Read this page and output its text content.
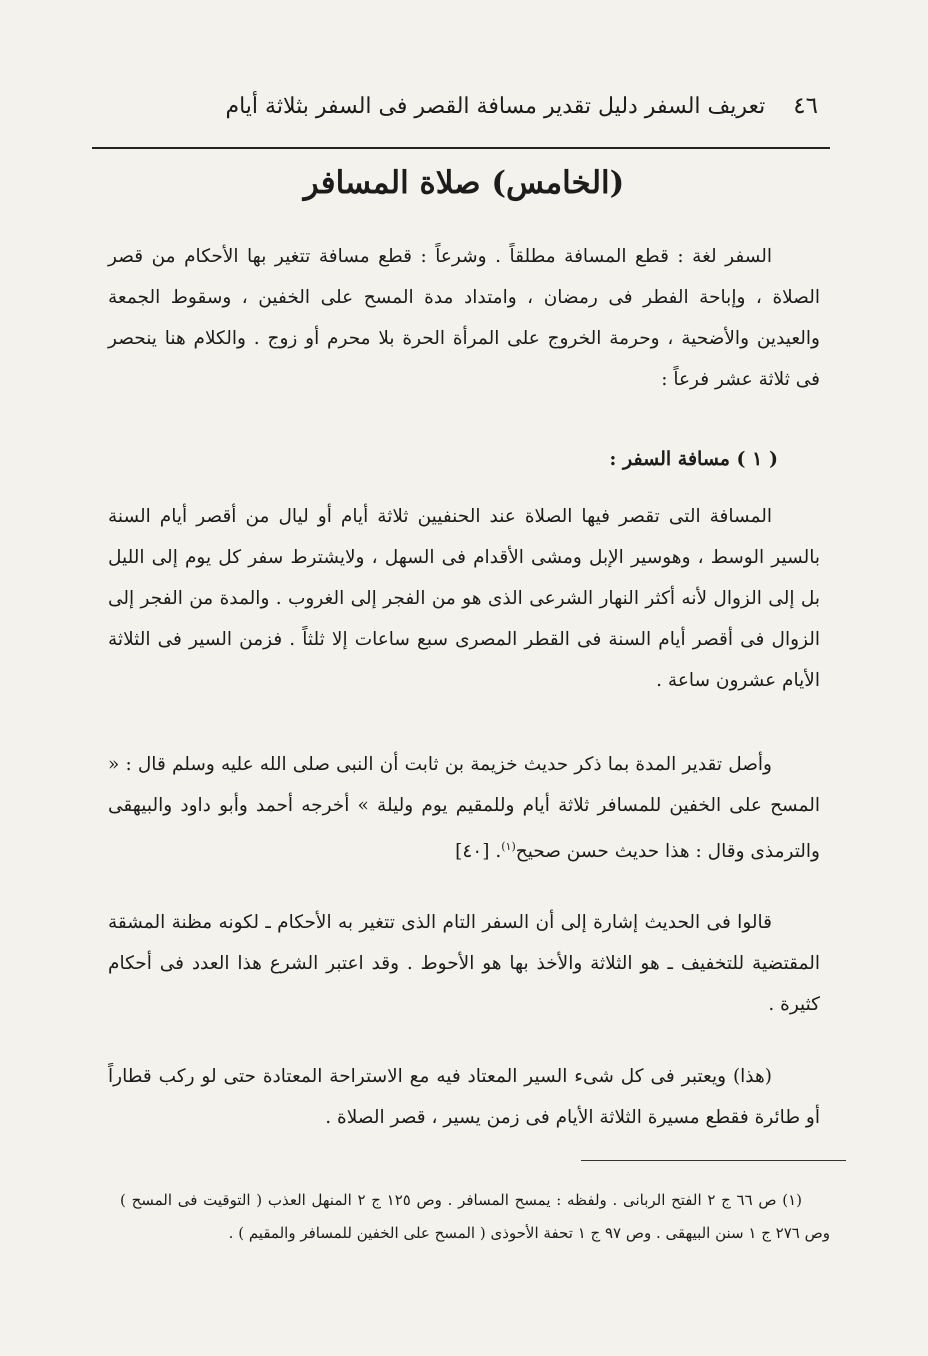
٤٦
تعريف السفر دليل تقدير مسافة القصر فى السفر بثلاثة أيام
(الخامس) صلاة المسافر

السفر لغة : قطع المسافة مطلقاً . وشرعاً : قطع مسافة تتغير بها الأحكام من قصر الصلاة ، وإباحة الفطر فى رمضان ، وامتداد مدة المسح على الخفين ، وسقوط الجمعة والعيدين والأضحية ، وحرمة الخروج على المرأة الحرة بلا محرم أو زوج . والكلام هنا ينحصر فى ثلاثة عشر فرعاً :

( ١ ) مسافة السفر :

المسافة التى تقصر فيها الصلاة عند الحنفيين ثلاثة أيام أو ليال من أقصر أيام السنة بالسير الوسط ، وهوسير الإبل ومشى الأقدام فى السهل ، ولايشترط سفر كل يوم إلى الليل بل إلى الزوال لأنه أكثر النهار الشرعى الذى هو من الفجر إلى الغروب . والمدة من الفجر إلى الزوال فى أقصر أيام السنة فى القطر المصرى سبع ساعات إلا ثلثاً . فزمن السير فى الثلاثة الأيام عشرون ساعة .

وأصل تقدير المدة بما ذكر حديث خزيمة بن ثابت أن النبى صلى الله عليه وسلم قال : « المسح على الخفين للمسافر ثلاثة أيام وللمقيم يوم وليلة » أخرجه أحمد وأبو داود والبيهقى والترمذى وقال : هذا حديث حسن صحيح$^{(١)}$. [٤٠]

قالوا فى الحديث إشارة إلى أن السفر التام الذى تتغير به الأحكام ـ لكونه مظنة المشقة المقتضية للتخفيف ـ هو الثلاثة والأخذ بها هو الأحوط . وقد اعتبر الشرع هذا العدد فى أحكام كثيرة .

(هذا) ويعتبر فى كل شىء السير المعتاد فيه مع الاستراحة المعتادة حتى لو ركب قطاراً أو طائرة فقطع مسيرة الثلاثة الأيام فى زمن يسير ، قصر الصلاة .

(١) ص ٦٦ ج ٢ الفتح الربانى . ولفظه : يمسح المسافر . وص ١٢٥ ج ٢ المنهل العذب ( التوقيت فى المسح ) وص ٢٧٦ ج ١ سنن البيهقى . وص ٩٧ ج ١ تحفة الأحوذى ( المسح على الخفين للمسافر والمقيم ) .
